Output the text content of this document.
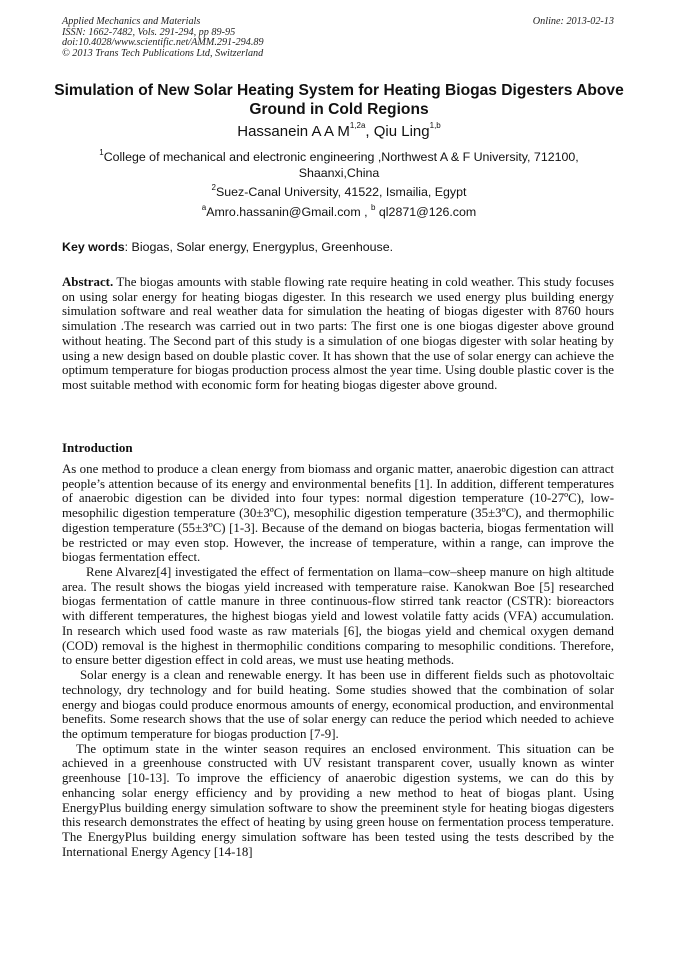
Applied Mechanics and Materials
ISSN: 1662-7482, Vols. 291-294, pp 89-95
doi:10.4028/www.scientific.net/AMM.291-294.89
© 2013 Trans Tech Publications Ltd, Switzerland
Online: 2013-02-13
Simulation of New Solar Heating System for Heating Biogas Digesters Above Ground in Cold Regions
Hassanein A A $M^{1,2a}$, Qiu Ling$^{1,b}$
$^1$College of mechanical and electronic engineering ,Northwest A & F University, 712100, Shaanxi,China
$^2$Suez-Canal University, 41522, Ismailia, Egypt
$^a$Amro.hassanin@Gmail.com , $^b$ ql2871@126.com
Key words: Biogas, Solar energy, Energyplus, Greenhouse.
Abstract. The biogas amounts with stable flowing rate require heating in cold weather. This study focuses on using solar energy for heating biogas digester. In this research we used energy plus building energy simulation software and real weather data for simulation the heating of biogas digester with 8760 hours simulation .The research was carried out in two parts: The first one is one biogas digester above ground without heating. The Second part of this study is a simulation of one biogas digester with solar heating by using a new design based on double plastic cover. It has shown that the use of solar energy can achieve the optimum temperature for biogas production process almost the year time. Using double plastic cover is the most suitable method with economic form for heating biogas digester above ground.
Introduction

As one method to produce a clean energy from biomass and organic matter, anaerobic digestion can attract people’s attention because of its energy and environmental benefits [1]. In addition, different temperatures of anaerobic digestion can be divided into four types: normal digestion temperature (10-27ºC), low-mesophilic digestion temperature (30±3ºC), mesophilic digestion temperature (35±3ºC), and thermophilic digestion temperature (55±3ºC) [1-3]. Because of the demand on biogas bacteria, biogas fermentation will be restricted or may even stop. However, the increase of temperature, within a range, can improve the biogas fermentation effect.

Rene Alvarez[4] investigated the effect of fermentation on llama–cow–sheep manure on high altitude area. The result shows the biogas yield increased with temperature raise. Kanokwan Boe [5] researched biogas fermentation of cattle manure in three continuous-flow stirred tank reactor (CSTR): bioreactors with different temperatures, the highest biogas yield and lowest volatile fatty acids (VFA) accumulation. In research which used food waste as raw materials [6], the biogas yield and chemical oxygen demand (COD) removal is the highest in thermophilic conditions comparing to mesophilic conditions. Therefore, to ensure better digestion effect in cold areas, we must use heating methods.

Solar energy is a clean and renewable energy. It has been use in different fields such as photovoltaic technology, dry technology and for build heating. Some studies showed that the combination of solar energy and biogas could produce enormous amounts of energy, economical production, and environmental benefits. Some research shows that the use of solar energy can reduce the period which needed to achieve the optimum temperature for biogas production [7-9].

The optimum state in the winter season requires an enclosed environment. This situation can be achieved in a greenhouse constructed with UV resistant transparent cover, usually known as winter greenhouse [10-13]. To improve the efficiency of anaerobic digestion systems, we can do this by enhancing solar energy efficiency and by providing a new method to heat of biogas plant. Using EnergyPlus building energy simulation software to show the preeminent style for heating biogas digesters this research demonstrates the effect of heating by using green house on fermentation process temperature. The EnergyPlus building energy simulation software has been tested using the tests described by the International Energy Agency [14-18]
